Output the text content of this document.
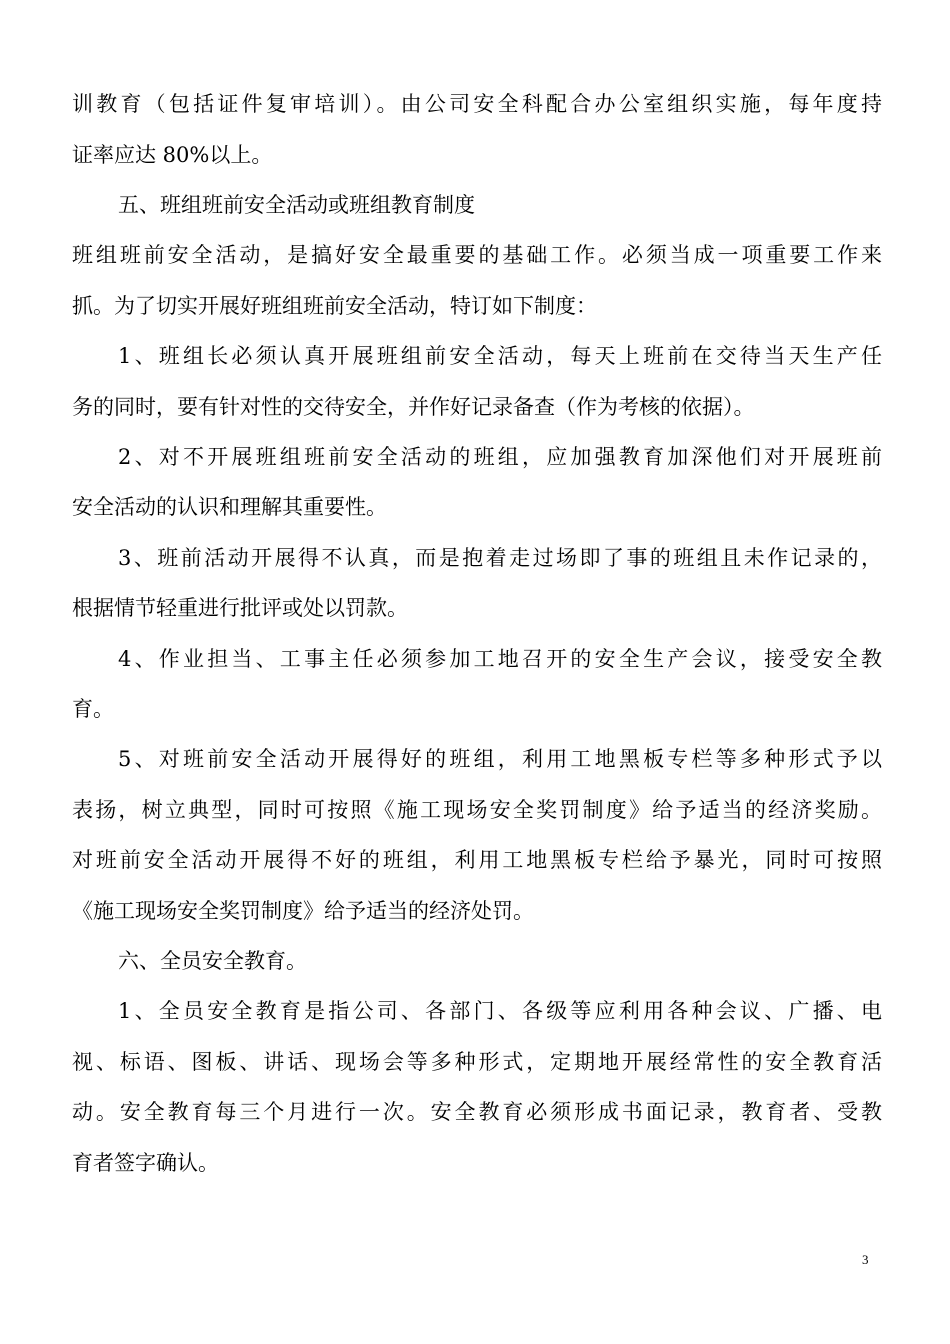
训教育（包括证件复审培训）。由公司安全科配合办公室组织实施，每年度持
证率应达 80%以上。
五、班组班前安全活动或班组教育制度
班组班前安全活动，是搞好安全最重要的基础工作。必须当成一项重要工作来
抓。为了切实开展好班组班前安全活动，特订如下制度：
1、班组长必须认真开展班组前安全活动，每天上班前在交待当天生产任
务的同时，要有针对性的交待安全，并作好记录备查（作为考核的依据）。
2、对不开展班组班前安全活动的班组，应加强教育加深他们对开展班前
安全活动的认识和理解其重要性。
3、班前活动开展得不认真，而是抱着走过场即了事的班组且未作记录的，
根据情节轻重进行批评或处以罚款。
4、作业担当、工事主任必须参加工地召开的安全生产会议，接受安全教
育。
5、对班前安全活动开展得好的班组，利用工地黑板专栏等多种形式予以
表扬，树立典型，同时可按照《施工现场安全奖罚制度》给予适当的经济奖励。
对班前安全活动开展得不好的班组，利用工地黑板专栏给予暴光，同时可按照
《施工现场安全奖罚制度》给予适当的经济处罚。
六、全员安全教育。
1、全员安全教育是指公司、各部门、各级等应利用各种会议、广播、电
视、标语、图板、讲话、现场会等多种形式，定期地开展经常性的安全教育活
动。安全教育每三个月进行一次。安全教育必须形成书面记录，教育者、受教
育者签字确认。
3
